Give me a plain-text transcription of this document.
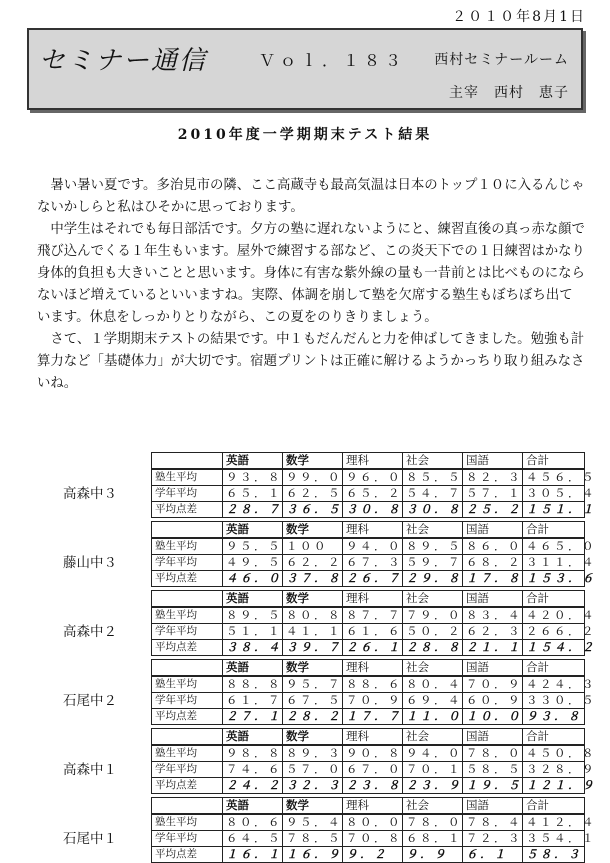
２０１０年8月1日
セミナー通信	Ｖｏｌ．１８３ 西村セミナールーム
主宰　西村　恵子
2010年度一学期期末テスト結果

暑い暑い夏です。多治見市の隣、ここ高蔵寺も最高気温は日本のトップ１０に入るんじゃないかしらと私はひそかに思っております。

中学生はそれでも毎日部活です。夕方の塾に遅れないようにと、練習直後の真っ赤な顔で飛び込んでくる１年生もいます。屋外で練習する部など、この炎天下での１日練習はかなり身体的負担も大きいことと思います。身体に有害な紫外線の量も一昔前とは比べものにならないほど増えているといいますね。実際、体調を崩して塾を欠席する塾生もぼちぼち出ています。休息をしっかりとりながら、この夏をのりきりましょう。

さて、１学期期末テストの結果です。中１もだんだんと力を伸ばしてきました。勉強も計算力など「基礎体力」が大切です。宿題プリントは正確に解けるようかっちり取り組みなさいね。

高森中３
	英語	数学	理科	社会	国語	合計
塾生平均	９３．８	９９．０	９６．０	８５．５	８２．３	４５６．５
学年平均	６５．１	６２．５	６５．２	５４．７	５７．１	３０５．４
平均点差	２８．７	３６．５	３０．８	３０．８	２５．２	１５１．１
藤山中３
	英語	数学	理科	社会	国語	合計
塾生平均	９５．５	１００	９４．０	８９．５	８６．０	４６５．０
学年平均	４９．５	６２．２	６７．３	５９．７	６８．２	３１１．４
平均点差	４６．０	３７．８	２６．７	２９．８	１７．８	１５３．６
高森中２
	英語	数学	理科	社会	国語	合計
塾生平均	８９．５	８０．８	８７．７	７９．０	８３．４	４２０．４
学年平均	５１．１	４１．１	６１．６	５０．２	６２．３	２６６．２
平均点差	３８．４	３９．７	２６．１	２８．８	２１．１	１５４．２
石尾中２
	英語	数学	理科	社会	国語	合計
塾生平均	８８．８	９５．７	８８．６	８０．４	７０．９	４２４．３
学年平均	６１．７	６７．５	７０．９	６９．４	６０．９	３３０．５
平均点差	２７．１	２８．２	１７．７	１１．０	１０．０	９３．８
高森中１
	英語	数学	理科	社会	国語	合計
塾生平均	９８．８	８９．３	９０．８	９４．０	７８．０	４５０．８
学年平均	７４．６	５７．０	６７．０	７０．１	５８．５	３２８．９
平均点差	２４．２	３２．３	２３．８	２３．９	１９．５	１２１．９
石尾中１
	英語	数学	理科	社会	国語	合計
塾生平均	８０．６	９５．４	８０．０	７８．０	７８．４	４１２．４
学年平均	６４．５	７８．５	７０．８	６８．１	７２．３	３５４．１
平均点差	１６．１	１６．９	９．２	９．９	６．１	５８．３
